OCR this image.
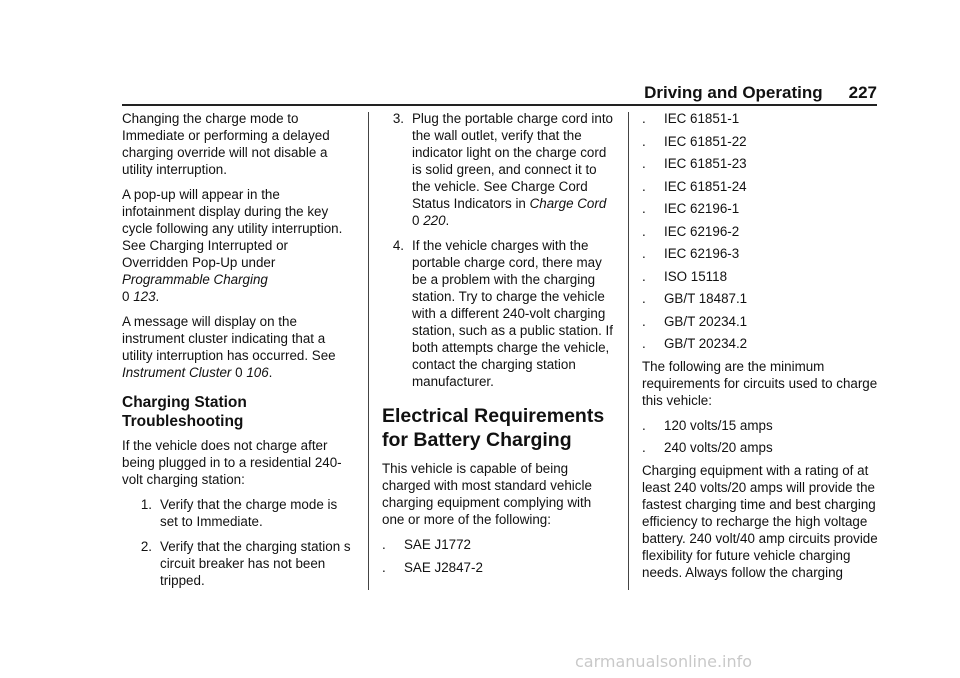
Driving and Operating 227

Changing the charge mode to Immediate or performing a delayed charging override will not disable a utility interruption.

A pop-up will appear in the infotainment display during the key cycle following any utility interruption. See Charging Interrupted or Overridden Pop-Up under Programmable Charging
0 123.

A message will display on the instrument cluster indicating that a utility interruption has occurred. See Instrument Cluster 0 106.

Charging Station Troubleshooting

If the vehicle does not charge after being plugged in to a residential 240-volt charging station:

1. Verify that the charge mode is set to Immediate.
2. Verify that the charging station s circuit breaker has not been tripped.
3. Plug the portable charge cord into the wall outlet, verify that the indicator light on the charge cord is solid green, and connect it to the vehicle. See Charge Cord Status Indicators in Charge Cord
0 220.
4. If the vehicle charges with the portable charge cord, there may be a problem with the charging station. Try to charge the vehicle with a different 240-volt charging station, such as a public station. If both attempts charge the vehicle, contact the charging station manufacturer.
Electrical Requirements for Battery Charging

This vehicle is capable of being charged with most standard vehicle charging equipment complying with one or more of the following:

.	SAE J1772
.	SAE J2847-2
.	IEC 61851-1
.	IEC 61851-22
.	IEC 61851-23
.	IEC 61851-24
.	IEC 62196-1
.	IEC 62196-2
.	IEC 62196-3
.	ISO 15118
.	GB/T 18487.1
.	GB/T 20234.1
.	GB/T 20234.2

The following are the minimum requirements for circuits used to charge this vehicle:

.	120 volts/15 amps
.	240 volts/20 amps

Charging equipment with a rating of at least 240 volts/20 amps will provide the fastest charging time and best charging efficiency to recharge the high voltage battery. 240 volt/40 amp circuits provide flexibility for future vehicle charging needs. Always follow the charging

carmanualsonline.info
